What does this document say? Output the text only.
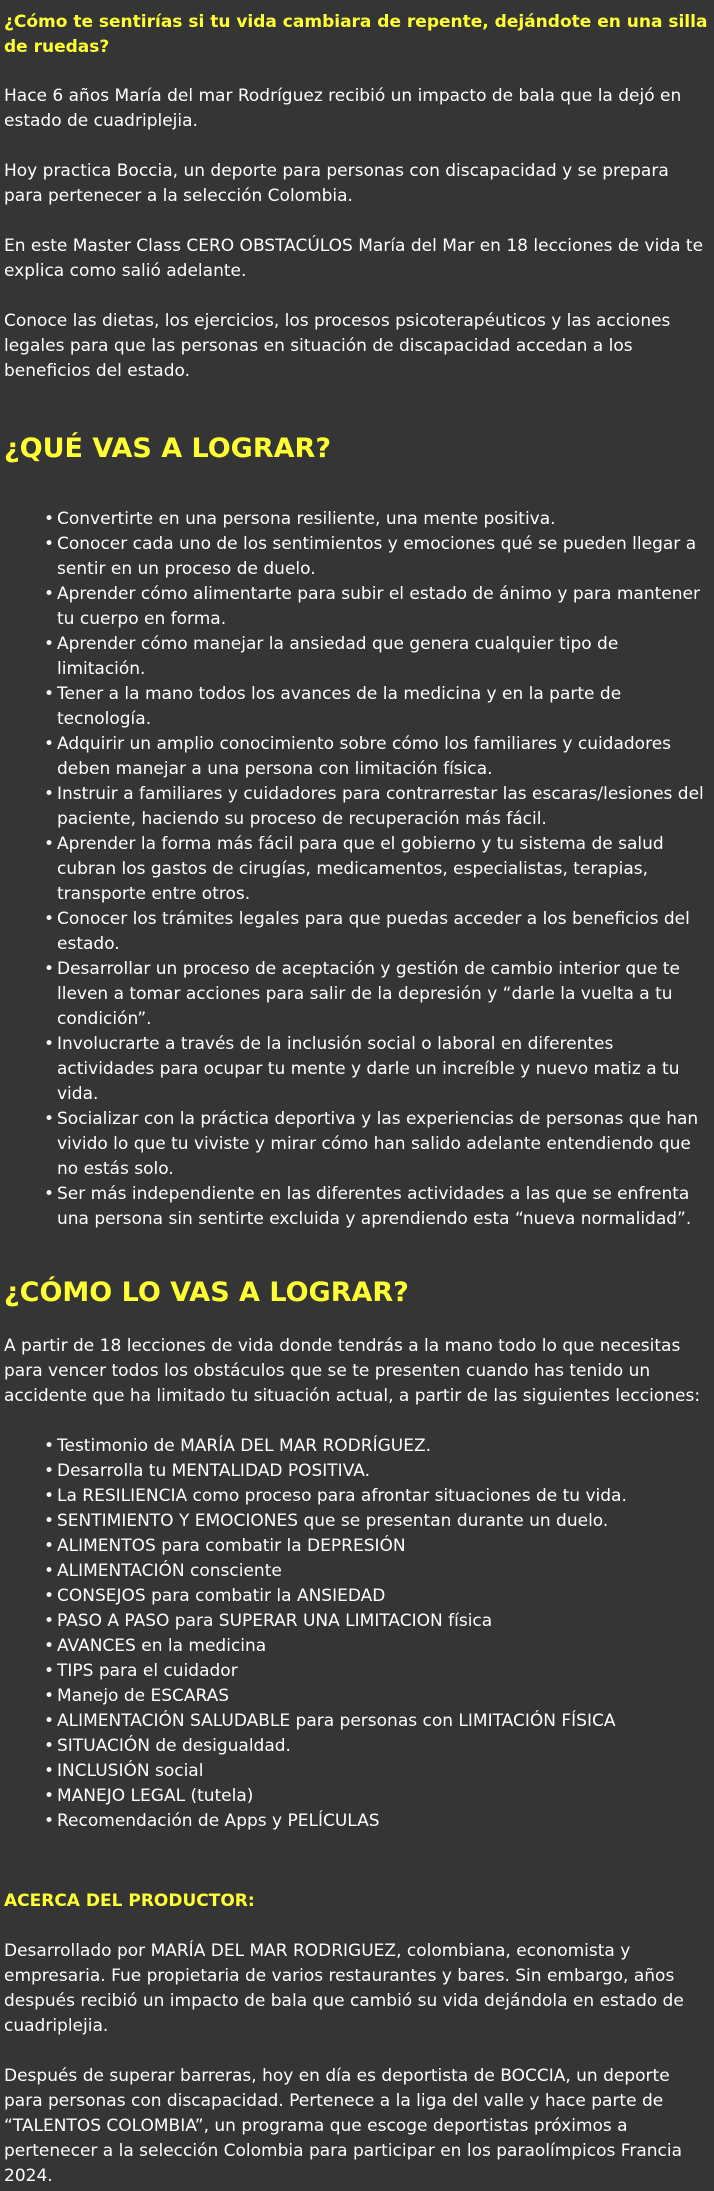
¿Cómo te sentirías si tu vida cambiara de repente, dejándote en una silla de ruedas?

Hace 6 años María del mar Rodríguez recibió un impacto de bala que la dejó en estado de cuadriplejia.

Hoy practica Boccia, un deporte para personas con discapacidad y se prepara para pertenecer a la selección Colombia.

En este Master Class CERO OBSTACÚLOS María del Mar en 18 lecciones de vida te explica como salió adelante.

Conoce las dietas, los ejercicios, los procesos psicoterapéuticos y las acciones legales para que las personas en situación de discapacidad accedan a los beneficios del estado.

¿QUÉ VAS A LOGRAR?
• Convertirte en una persona resiliente, una mente positiva.
• Conocer cada uno de los sentimientos y emociones qué se pueden llegar a sentir en un proceso de duelo.
• Aprender cómo alimentarte para subir el estado de ánimo y para mantener tu cuerpo en forma.
• Aprender cómo manejar la ansiedad que genera cualquier tipo de limitación.
• Tener a la mano todos los avances de la medicina y en la parte de tecnología.
• Adquirir un amplio conocimiento sobre cómo los familiares y cuidadores deben manejar a una persona con limitación física.
• Instruir a familiares y cuidadores para contrarrestar las escaras/lesiones del paciente, haciendo su proceso de recuperación más fácil.
• Aprender la forma más fácil para que el gobierno y tu sistema de salud cubran los gastos de cirugías, medicamentos, especialistas, terapias, transporte entre otros.
• Conocer los trámites legales para que puedas acceder a los beneficios del estado.
• Desarrollar un proceso de aceptación y gestión de cambio interior que te lleven a tomar acciones para salir de la depresión y “darle la vuelta a tu condición”.
• Involucrarte a través de la inclusión social o laboral en diferentes actividades para ocupar tu mente y darle un increíble y nuevo matiz a tu vida.
• Socializar con la práctica deportiva y las experiencias de personas que han vivido lo que tu viviste y mirar cómo han salido adelante entendiendo que no estás solo.
• Ser más independiente en las diferentes actividades a las que se enfrenta una persona sin sentirte excluida y aprendiendo esta “nueva normalidad”.
¿CÓMO LO VAS A LOGRAR?

A partir de 18 lecciones de vida donde tendrás a la mano todo lo que necesitas para vencer todos los obstáculos que se te presenten cuando has tenido un accidente que ha limitado tu situación actual, a partir de las siguientes lecciones:

• Testimonio de MARÍA DEL MAR RODRÍGUEZ.
• Desarrolla tu MENTALIDAD POSITIVA.
• La RESILIENCIA como proceso para afrontar situaciones de tu vida.
• SENTIMIENTO Y EMOCIONES que se presentan durante un duelo.
• ALIMENTOS para combatir la DEPRESIÓN
• ALIMENTACIÓN consciente
• CONSEJOS para combatir la ANSIEDAD
• PASO A PASO para SUPERAR UNA LIMITACION física
• AVANCES en la medicina
• TIPS para el cuidador
• Manejo de ESCARAS
• ALIMENTACIÓN SALUDABLE para personas con LIMITACIÓN FÍSICA
• SITUACIÓN de desigualdad.
• INCLUSIÓN social
• MANEJO LEGAL (tutela)
• Recomendación de Apps y PELÍCULAS
ACERCA DEL PRODUCTOR:

Desarrollado por MARÍA DEL MAR RODRIGUEZ, colombiana, economista y empresaria. Fue propietaria de varios restaurantes y bares. Sin embargo, años después recibió un impacto de bala que cambió su vida dejándola en estado de cuadriplejia.

Después de superar barreras, hoy en día es deportista de BOCCIA, un deporte para personas con discapacidad. Pertenece a la liga del valle y hace parte de “TALENTOS COLOMBIA”, un programa que escoge deportistas próximos a pertenecer a la selección Colombia para participar en los paraolímpicos Francia 2024.
